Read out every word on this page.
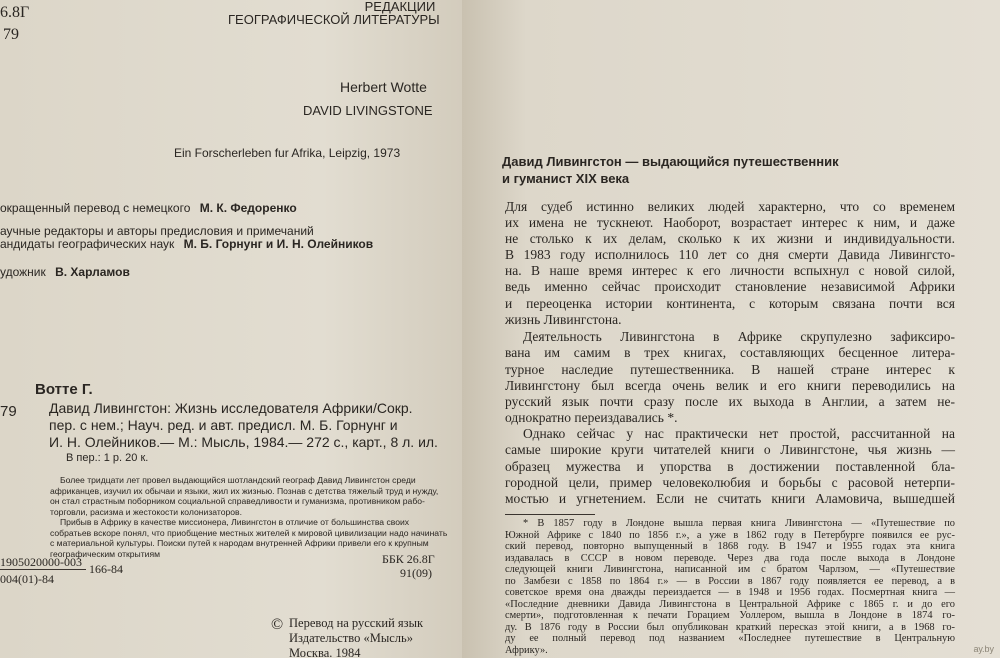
РЕДАКЦИИ
ГЕОГРАФИЧЕСКОЙ ЛИТЕРАТУРЫ
6.8Г
79
Herbert Wotte
DAVID LIVINGSTONE
Ein Forscherleben fur Afrika, Leipzig, 1973
окращенный перевод с немецкого М. К. Федоренко
аучные редакторы и авторы предисловия и примечаний
андидаты географических наук М. Б. Горнунг и И. Н. Олейников
удожник В. Харламов
79
Вотте Г.
Давид Ливингстон: Жизнь исследователя Африки/Сокр.
пер. с нем.; Науч. ред. и авт. предисл. М. Б. Горнунг и
И. Н. Олейников.— М.: Мысль, 1984.— 272 с., карт., 8 л. ил.
В пер.: 1 р. 20 к.
Более тридцати лет провел выдающийся шотландский географ Давид Ливингстон среди
африканцев, изучил их обычаи и языки, жил их жизнью. Познав с детства тяжелый труд и нужду,
он стал страстным поборником социальной справедливости и гуманизма, противником рабо-
торговли, расизма и жестокости колонизаторов.
Прибыв в Африку в качестве миссионера, Ливингстон в отличие от большинства своих
собратьев вскоре понял, что приобщение местных жителей к мировой цивилизации надо начинать
с материальной культуры. Поиски путей к народам внутренней Африки привели его к крупным
географическим открытиям
1905020000-003
004(01)-84
166-84
ББК 26.8Г
91(09)
© Перевод на русский язык
Издательство «Мысль»
Москва. 1984
Давид Ливингстон — выдающийся путешественник
и гуманист XIX века
Для судеб истинно великих людей характерно, что со временем
их имена не тускнеют. Наоборот, возрастает интерес к ним, и даже
не столько к их делам, сколько к их жизни и индивидуальности.
В 1983 году исполнилось 110 лет со дня смерти Давида Ливингсто-
на. В наше время интерес к его личности вспыхнул с новой силой,
ведь именно сейчас происходит становление независимой Африки
и переоценка истории континента, с которым связана почти вся
жизнь Ливингстона.
Деятельность Ливингстона в Африке скрупулезно зафиксиро-
вана им самим в трех книгах, составляющих бесценное литера-
турное наследие путешественника. В нашей стране интерес к
Ливингстону был всегда очень велик и его книги переводились на
русский язык почти сразу после их выхода в Англии, а затем не-
однократно переиздавались *.
Однако сейчас у нас практически нет простой, рассчитанной на
самые широкие круги читателей книги о Ливингстоне, чья жизнь —
образец мужества и упорства в достижении поставленной бла-
городной цели, пример человеколюбия и борьбы с расовой нетерпи-
мостью и угнетением. Если не считать книги Аламовича, вышедшей
* В 1857 году в Лондоне вышла первая книга Ливингстона — «Путешествие по
Южной Африке с 1840 по 1856 г.», а уже в 1862 году в Петербурге появился ее рус-
ский перевод, повторно выпущенный в 1868 году. В 1947 и 1955 годах эта книга
издавалась в СССР в новом переводе. Через два года после выхода в Лондоне
следующей книги Ливингстона, написанной им с братом Чарлзом, — «Путешествие
по Замбези с 1858 по 1864 г.» — в России в 1867 году появляется ее перевод, а в
советское время она дважды переиздается — в 1948 и 1956 годах. Посмертная книга —
«Последние дневники Давида Ливингстона в Центральной Африке с 1865 г. и до его
смерти», подготовленная к печати Горацием Уоллером, вышла в Лондоне в 1874 го-
ду. В 1876 году в России был опубликован краткий пересказ этой книги, а в 1968 го-
ду ее полный перевод под названием «Последнее путешествие в Центральную
Африку».	ау.by
